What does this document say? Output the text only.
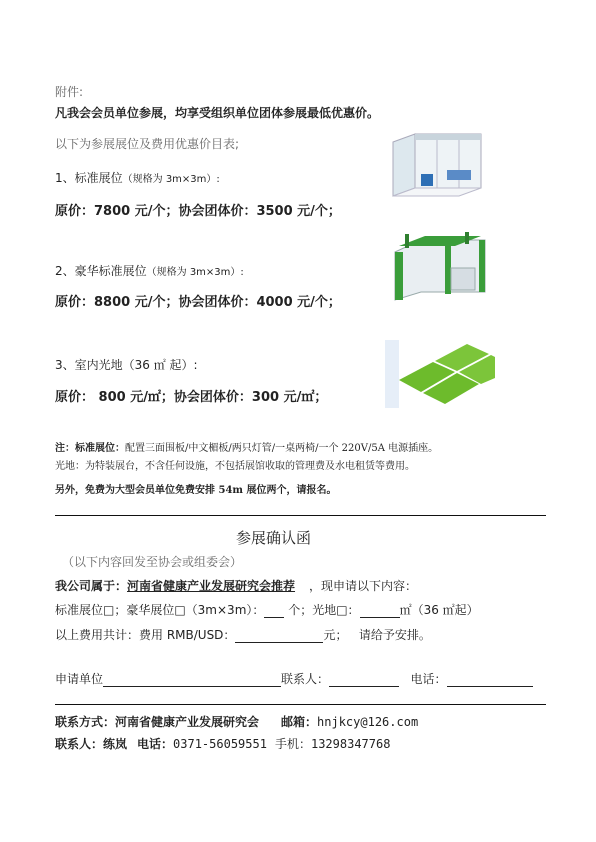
附件:
凡我会会员单位参展，均享受组织单位团体参展最低优惠价。
以下为参展展位及费用优惠价目表;
1、标准展位（规格为 3m×3m）:
原价：7800 元/个；协会团体价：3500 元/个；
2、豪华标准展位（规格为 3m×3m）:
原价：8800 元/个；协会团体价：4000 元/个；
3、室内光地（36 ㎡ 起）:
原价： 800 元/㎡；协会团体价：300 元/㎡；
注：标准展位：配置三面围板/中文楣板/两只灯管/一桌两椅/一个 220V/5A 电源插座。
光地：为特装展台，不含任何设施，不包括展馆收取的管理费及水电租赁等费用。
另外，免费为大型会员单位免费安排 54m 展位两个，请报名。
参展确认函
（以下内容回发至协会或组委会）
我公司属于：河南省健康产业发展研究会推荐 ，现申请以下内容：
标准展位□；豪华展位□（3m×3m）： 个；光地□：	㎡（36 ㎡起）
以上费用共计：费用 RMB/USD：	元； 请给予安排。
申请单位	联系人：	电话：
联系方式：河南省健康产业发展研究会 邮箱：hnjkcy@126.com
联系人：练岚 电话：0371-56059551 手机：13298347768
